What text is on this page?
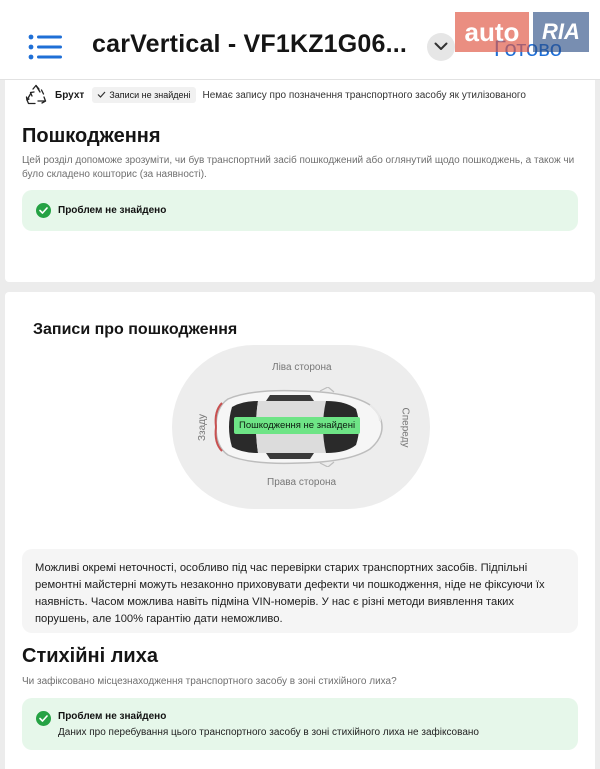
carVertical - VF1KZ1G06...	auto	RIA
Брухт	Записи не знайдені Немає запису про позначення транспортного засобу як утилізованого
Пошкодження
Цей розділ допоможе зрозуміти, чи був транспортний засіб пошкоджений або оглянутий щодо пошкоджень, а також чи було складено кошторис (за наявності).
Проблем не знайдено
Записи про пошкодження
Ліва сторона
Права сторона
Спереду
Ззаду	Пошкодження не знайдені
Можливі окремі неточності, особливо під час перевірки старих транспортних засобів. Підпільні ремонтні майстерні можуть незаконно приховувати дефекти чи пошкодження, ніде не фіксуючи їх наявність. Часом можлива навіть підміна VIN-номерів. У нас є різні методи виявлення таких порушень, але 100% гарантію дати неможливо.
Стихійні лиха
Чи зафіксовано місцезнаходження транспортного засобу в зоні стихійного лиха?
Проблем не знайдено
Даних про перебування цього транспортного засобу в зоні стихійного лиха не зафіксовано
